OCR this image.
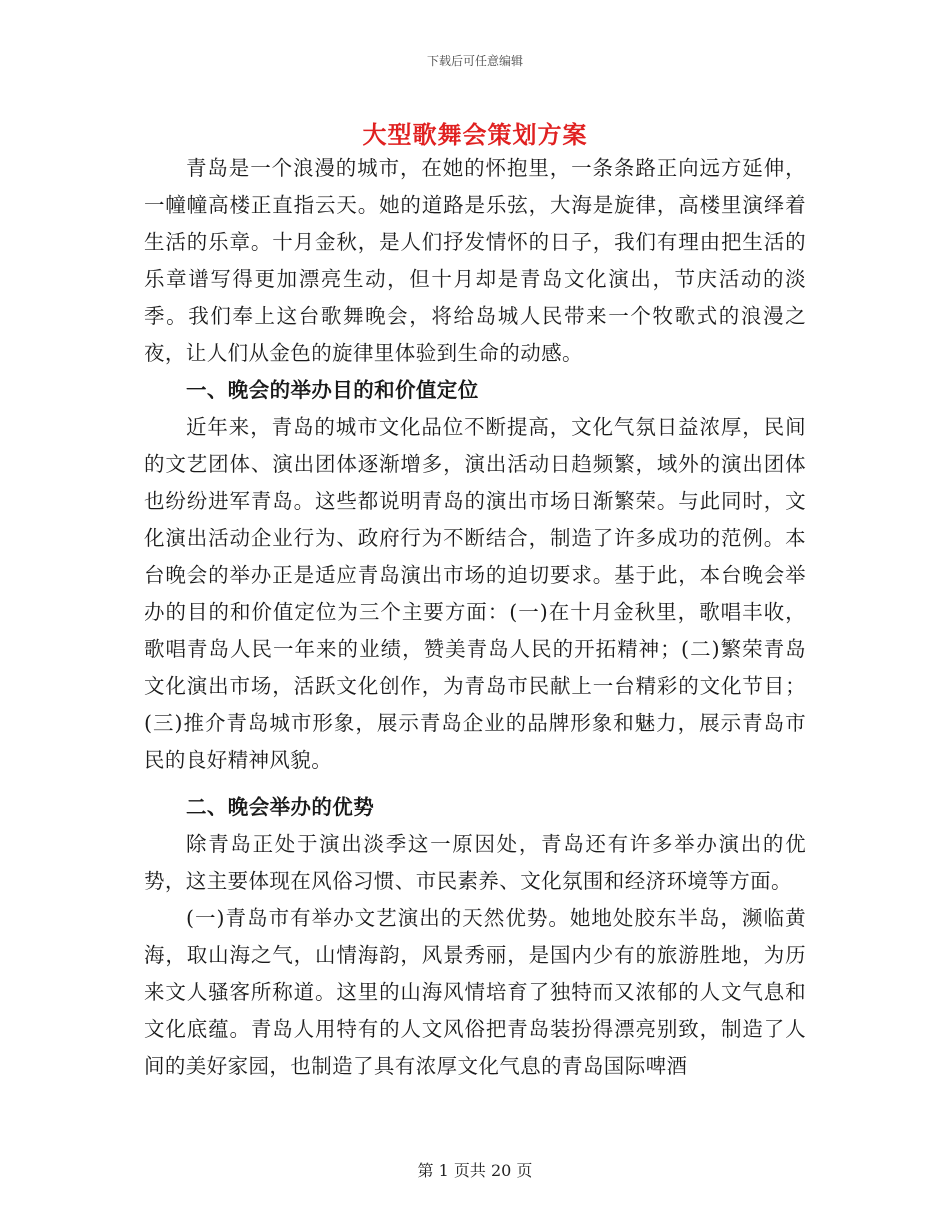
下载后可任意编辑
大型歌舞会策划方案

青岛是一个浪漫的城市，在她的怀抱里，一条条路正向远方延伸，一幢幢高楼正直指云天。她的道路是乐弦，大海是旋律，高楼里演绎着生活的乐章。十月金秋，是人们抒发情怀的日子，我们有理由把生活的乐章谱写得更加漂亮生动，但十月却是青岛文化演出，节庆活动的淡季。我们奉上这台歌舞晚会，将给岛城人民带来一个牧歌式的浪漫之夜，让人们从金色的旋律里体验到生命的动感。

一、晚会的举办目的和价值定位

近年来，青岛的城市文化品位不断提高，文化气氛日益浓厚，民间的文艺团体、演出团体逐渐增多，演出活动日趋频繁，域外的演出团体也纷纷进军青岛。这些都说明青岛的演出市场日渐繁荣。与此同时，文化演出活动企业行为、政府行为不断结合，制造了许多成功的范例。本台晚会的举办正是适应青岛演出市场的迫切要求。基于此，本台晚会举办的目的和价值定位为三个主要方面：(一)在十月金秋里，歌唱丰收，歌唱青岛人民一年来的业绩，赞美青岛人民的开拓精神；(二)繁荣青岛文化演出市场，活跃文化创作，为青岛市民献上一台精彩的文化节目；(三)推介青岛城市形象，展示青岛企业的品牌形象和魅力，展示青岛市民的良好精神风貌。

二、晚会举办的优势

除青岛正处于演出淡季这一原因处，青岛还有许多举办演出的优势，这主要体现在风俗习惯、市民素养、文化氛围和经济环境等方面。

(一)青岛市有举办文艺演出的天然优势。她地处胶东半岛，濒临黄海，取山海之气，山情海韵，风景秀丽，是国内少有的旅游胜地，为历来文人骚客所称道。这里的山海风情培育了独特而又浓郁的人文气息和文化底蕴。青岛人用特有的人文风俗把青岛装扮得漂亮别致，制造了人间的美好家园，也制造了具有浓厚文化气息的青岛国际啤酒

第 1 页共 20 页
